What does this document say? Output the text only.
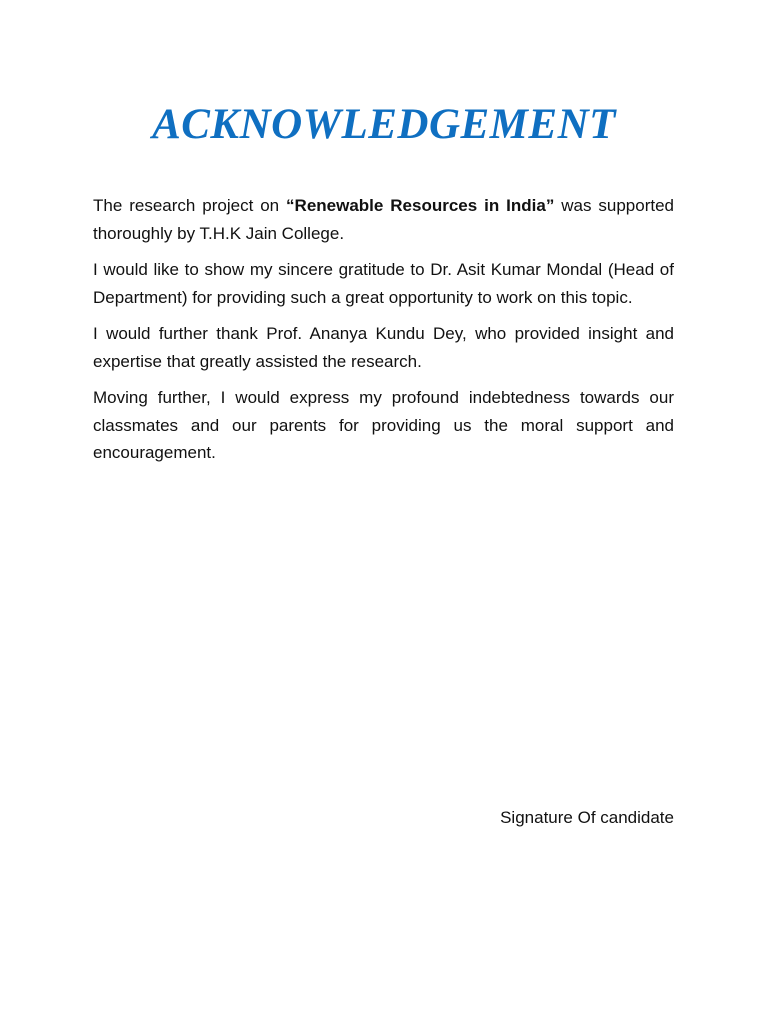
ACKNOWLEDGEMENT

The research project on “Renewable Resources in India” was supported thoroughly by T.H.K Jain College.

I would like to show my sincere gratitude to Dr. Asit Kumar Mondal (Head of Department) for providing such a great opportunity to work on this topic.

I would further thank Prof. Ananya Kundu Dey, who provided insight and expertise that greatly assisted the research.

Moving further, I would express my profound indebtedness towards our classmates and our parents for providing us the moral support and encouragement.

Signature Of candidate
